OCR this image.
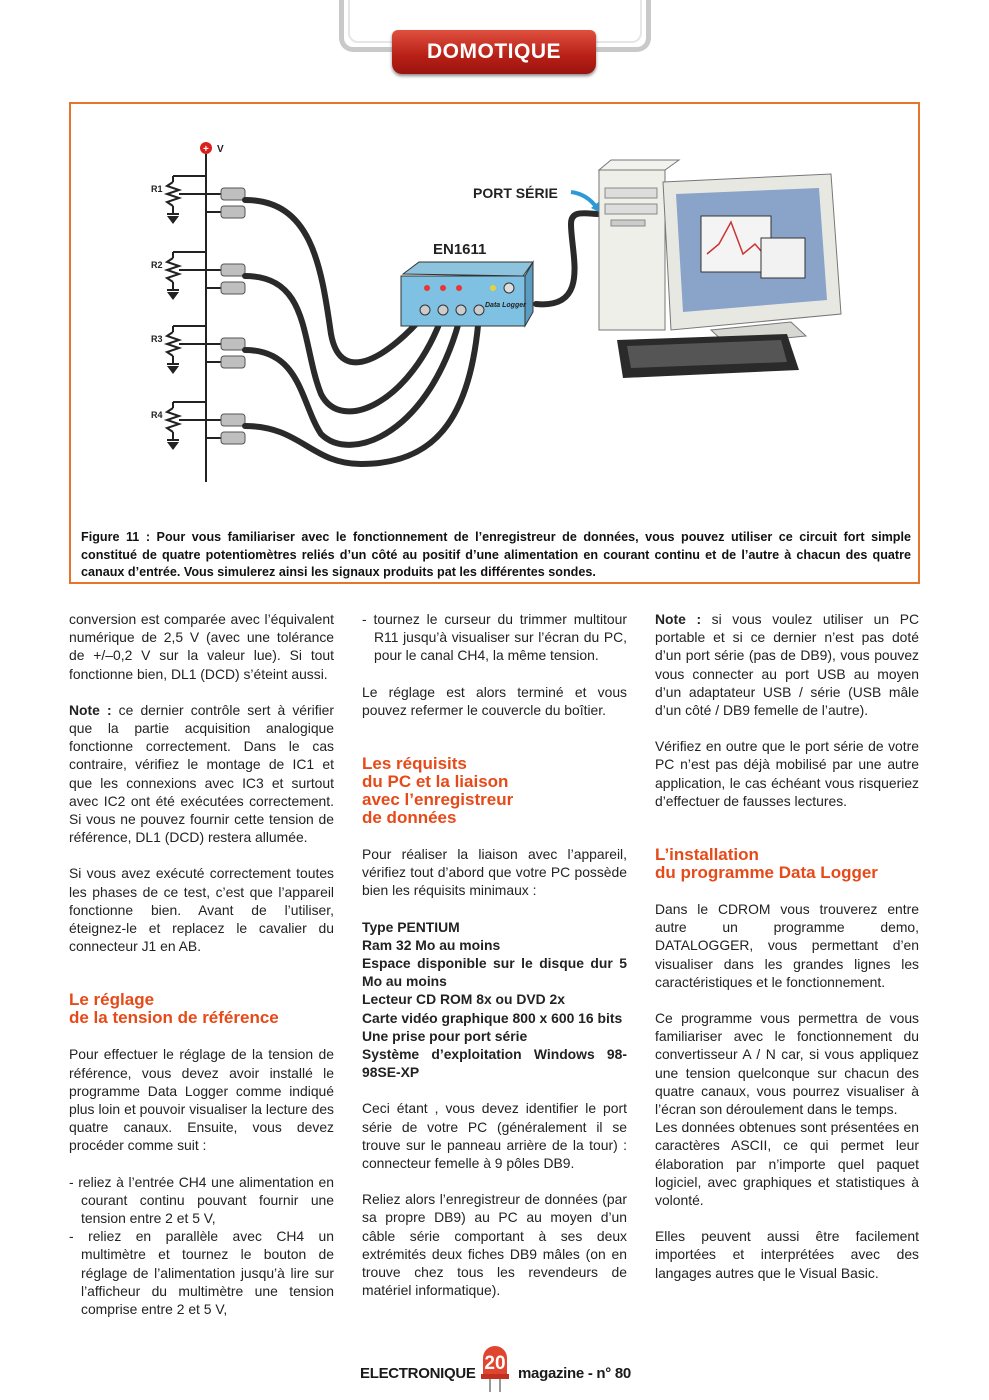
DOMOTIQUE
+ V
R1
R2
R3
R4
EN1611
Data Logger
PORT SÉRIE

Figure 11 : Pour vous familiariser avec le fonctionnement de l’enregistreur de données, vous pouvez utiliser ce circuit fort simple constitué de quatre potentiomètres reliés d’un côté au positif d’une alimentation en courant continu et de l’autre à chacun des quatre canaux d’entrée. Vous simulerez ainsi les signaux produits pat les différentes sondes.

conversion est comparée avec l’équivalent numérique de 2,5 V (avec une tolérance de +/–0,2 V sur la valeur lue). Si tout fonctionne bien, DL1 (DCD) s’éteint aussi.

Note : ce dernier contrôle sert à vérifier que la partie acquisition analogique fonctionne correctement. Dans le cas contraire, vérifiez le montage de IC1 et que les connexions avec IC3 et surtout avec IC2 ont été exécutées correctement. Si vous ne pouvez fournir cette tension de référence, DL1 (DCD) restera allumée.

Si vous avez exécuté correctement toutes les phases de ce test, c’est que l’appareil fonctionne bien. Avant de l’utiliser, éteignez-le et replacez le cavalier du connecteur J1 en AB.

Le réglage
de la tension de référence

Pour effectuer le réglage de la tension de référence, vous devez avoir installé le programme Data Logger comme indiqué plus loin et pouvoir visualiser la lecture des quatre canaux. Ensuite, vous devez procéder comme suit :

- reliez à l’entrée CH4 une alimentation en courant continu pouvant fournir une tension entre 2 et 5 V,
- reliez en parallèle avec CH4 un multimètre et tournez le bouton de réglage de l’alimentation jusqu’à lire sur l’afficheur du multimètre une tension comprise entre 2 et 5 V,
- tournez le curseur du trimmer multitour R11 jusqu’à visualiser sur l’écran du PC, pour le canal CH4, la même tension.

Le réglage est alors terminé et vous pouvez refermer le couvercle du boîtier.

Les réquisits
du PC et la liaison
avec l’enregistreur
de données

Pour réaliser la liaison avec l’appareil, vérifiez tout d’abord que votre PC possède bien les réquisits minimaux :

Type PENTIUM

Ram 32 Mo au moins

Espace disponible sur le disque dur 5 Mo au moins

Lecteur CD ROM 8x ou DVD 2x

Carte vidéo graphique 800 x 600 16 bits

Une prise pour port série

Système d’exploitation Windows 98-98SE-XP

Ceci étant , vous devez identifier le port série de votre PC (généralement il se trouve sur le panneau arrière de la tour) : connecteur femelle à 9 pôles DB9.

Reliez alors l’enregistreur de données (par sa propre DB9) au PC au moyen d’un câble série comportant à ses deux extrémités deux fiches DB9 mâles (on en trouve chez tous les revendeurs de matériel informatique).

Note : si vous voulez utiliser un PC portable et si ce dernier n’est pas doté d’un port série (pas de DB9), vous pouvez vous connecter au port USB au moyen d’un adaptateur USB / série (USB mâle d’un côté / DB9 femelle de l’autre).

Vérifiez en outre que le port série de votre PC n’est pas déjà mobilisé par une autre application, le cas échéant vous risqueriez d’effectuer de fausses lectures.

L’installation
du programme Data Logger

Dans le CDROM vous trouverez entre autre un programme demo, DATALOGGER, vous permettant d’en visualiser dans les grandes lignes les caractéristiques et le fonctionnement.

Ce programme vous permettra de vous familiariser avec le fonctionnement du convertisseur A / N car, si vous appliquez une tension quelconque sur chacun des quatre canaux, vous pourrez visualiser à l’écran son déroulement dans le temps.

Les données obtenues sont présentées en caractères ASCII, ce qui permet leur élaboration par n’importe quel paquet logiciel, avec graphiques et statistiques à volonté.

Elles peuvent aussi être facilement importées et interprétées avec des langages autres que le Visual Basic.

ELECTRONIQUE 20 magazine - n° 80
